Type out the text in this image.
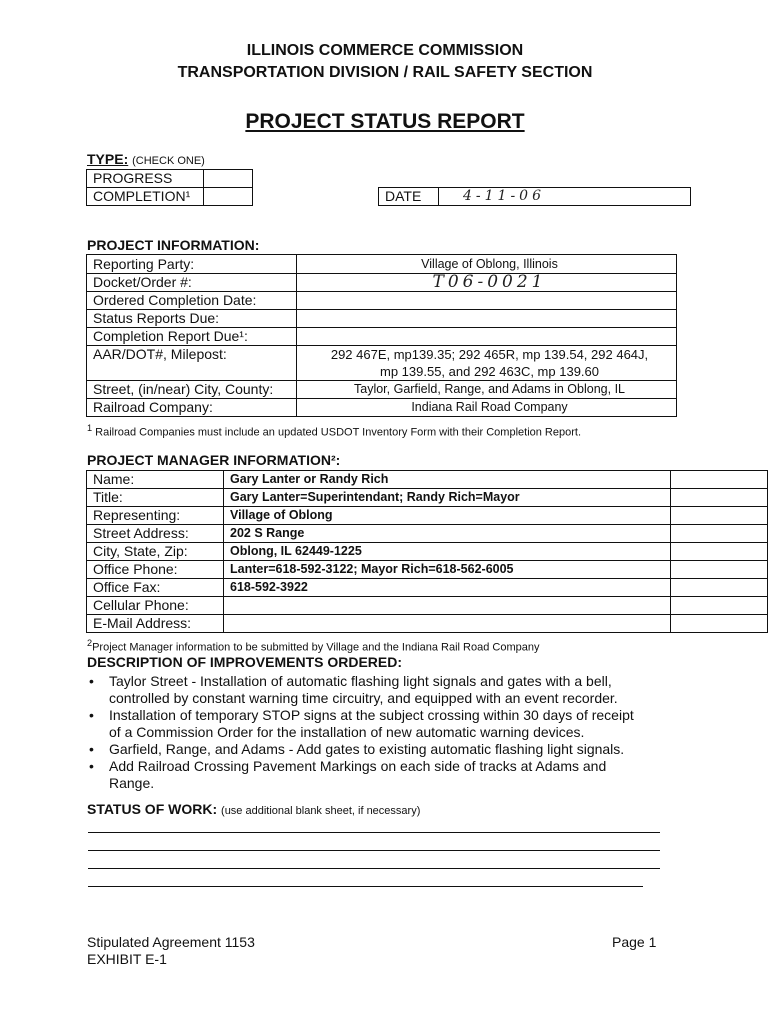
ILLINOIS COMMERCE COMMISSION
TRANSPORTATION DIVISION / RAIL SAFETY SECTION
PROJECT STATUS REPORT
TYPE: (CHECK ONE)
PROGRESS	
COMPLETION¹		DATE	4-11-06
PROJECT INFORMATION:
Reporting Party:	Village of Oblong, Illinois
Docket/Order #:	T06-0021
Ordered Completion Date:	
Status Reports Due:	
Completion Report Due¹:	
AAR/DOT#, Milepost:	292 467E, mp139.35; 292 465R, mp 139.54, 292 464J,
mp 139.55, and 292 463C, mp 139.60

Street, (in/near) City, County:	Taylor, Garfield, Range, and Adams in Oblong, IL
Railroad Company:	Indiana Rail Road Company
$^1$ Railroad Companies must include an updated USDOT Inventory Form with their Completion Report.
PROJECT MANAGER INFORMATION²:
Name:	Gary Lanter or Randy Rich	
Title:	Gary Lanter=Superintendant; Randy Rich=Mayor	
Representing:	Village of Oblong	
Street Address:	202 S Range	
City, State, Zip:	Oblong, IL 62449-1225	
Office Phone:	Lanter=618-592-3122; Mayor Rich=618-562-6005	
Office Fax:	618-592-3922	
Cellular Phone:		
E-Mail Address:		
$^2$Project Manager information to be submitted by Village and the Indiana Rail Road Company
DESCRIPTION OF IMPROVEMENTS ORDERED:
• Taylor Street - Installation of automatic flashing light signals and gates with a bell,
controlled by constant warning time circuitry, and equipped with an event recorder.
• Installation of temporary STOP signs at the subject crossing within 30 days of receipt
of a Commission Order for the installation of new automatic warning devices.
• Garfield, Range, and Adams - Add gates to existing automatic flashing light signals.
• Add Railroad Crossing Pavement Markings on each side of tracks at Adams and
Range.
STATUS OF WORK: (use additional blank sheet, if necessary)
Stipulated Agreement 1153
EXHIBIT E-1
Page 1
